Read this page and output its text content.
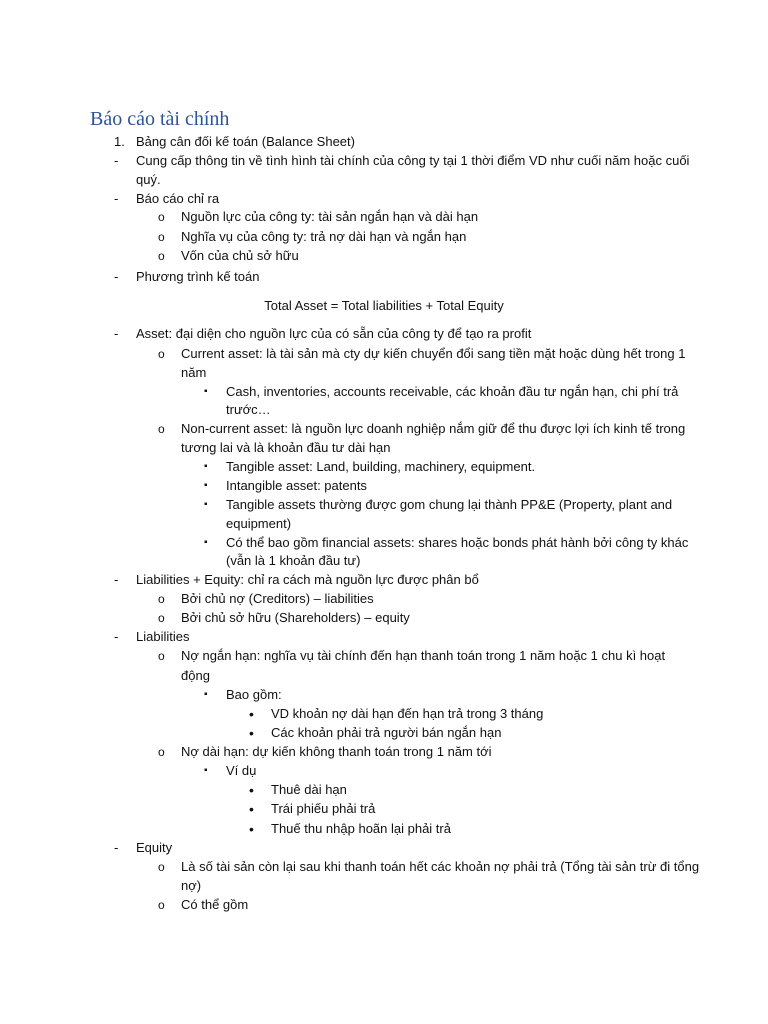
Báo cáo tài chính
1. Bảng cân đối kế toán (Balance Sheet)
- Cung cấp thông tin về tình hình tài chính của công ty tại 1 thời điểm VD như cuối năm hoặc cuối
quý.
- Báo cáo chỉ ra
o Nguồn lực của công ty: tài sản ngắn hạn và dài hạn
o Nghĩa vụ của công ty: trả nợ dài hạn và ngắn hạn
o Vốn của chủ sở hữu
- Phương trình kế toán
Total Asset = Total liabilities + Total Equity
- Asset: đại diện cho nguồn lực của có sẵn của công ty để tạo ra profit
o Current asset: là tài sản mà cty dự kiến chuyển đổi sang tiền mặt hoặc dùng hết trong 1
năm
▪ Cash, inventories, accounts receivable, các khoản đầu tư ngắn hạn, chi phí trả
trước…
o Non-current asset: là nguồn lực doanh nghiệp nắm giữ để thu được lợi ích kinh tế trong
tương lai và là khoản đầu tư dài hạn
▪ Tangible asset: Land, building, machinery, equipment.
▪ Intangible asset: patents
▪ Tangible assets thường được gom chung lại thành PP&E (Property, plant and
equipment)
▪ Có thể bao gồm financial assets: shares hoặc bonds phát hành bởi công ty khác
(vẫn là 1 khoản đầu tư)
- Liabilities + Equity: chỉ ra cách mà nguồn lực được phân bổ
o Bởi chủ nợ (Creditors) – liabilities
o Bởi chủ sở hữu (Shareholders) – equity
- Liabilities
o Nợ ngắn hạn: nghĩa vụ tài chính đến hạn thanh toán trong 1 năm hoặc 1 chu kì hoạt
động
▪ Bao gồm:
• VD khoản nợ dài hạn đến hạn trả trong 3 tháng
• Các khoản phải trả người bán ngắn hạn
o Nợ dài hạn: dự kiến không thanh toán trong 1 năm tới
▪ Ví dụ
• Thuê dài hạn
• Trái phiếu phải trả
• Thuế thu nhập hoãn lại phải trả
- Equity
o Là số tài sản còn lại sau khi thanh toán hết các khoản nợ phải trả (Tổng tài sản trừ đi tổng
nợ)
o Có thể gồm
